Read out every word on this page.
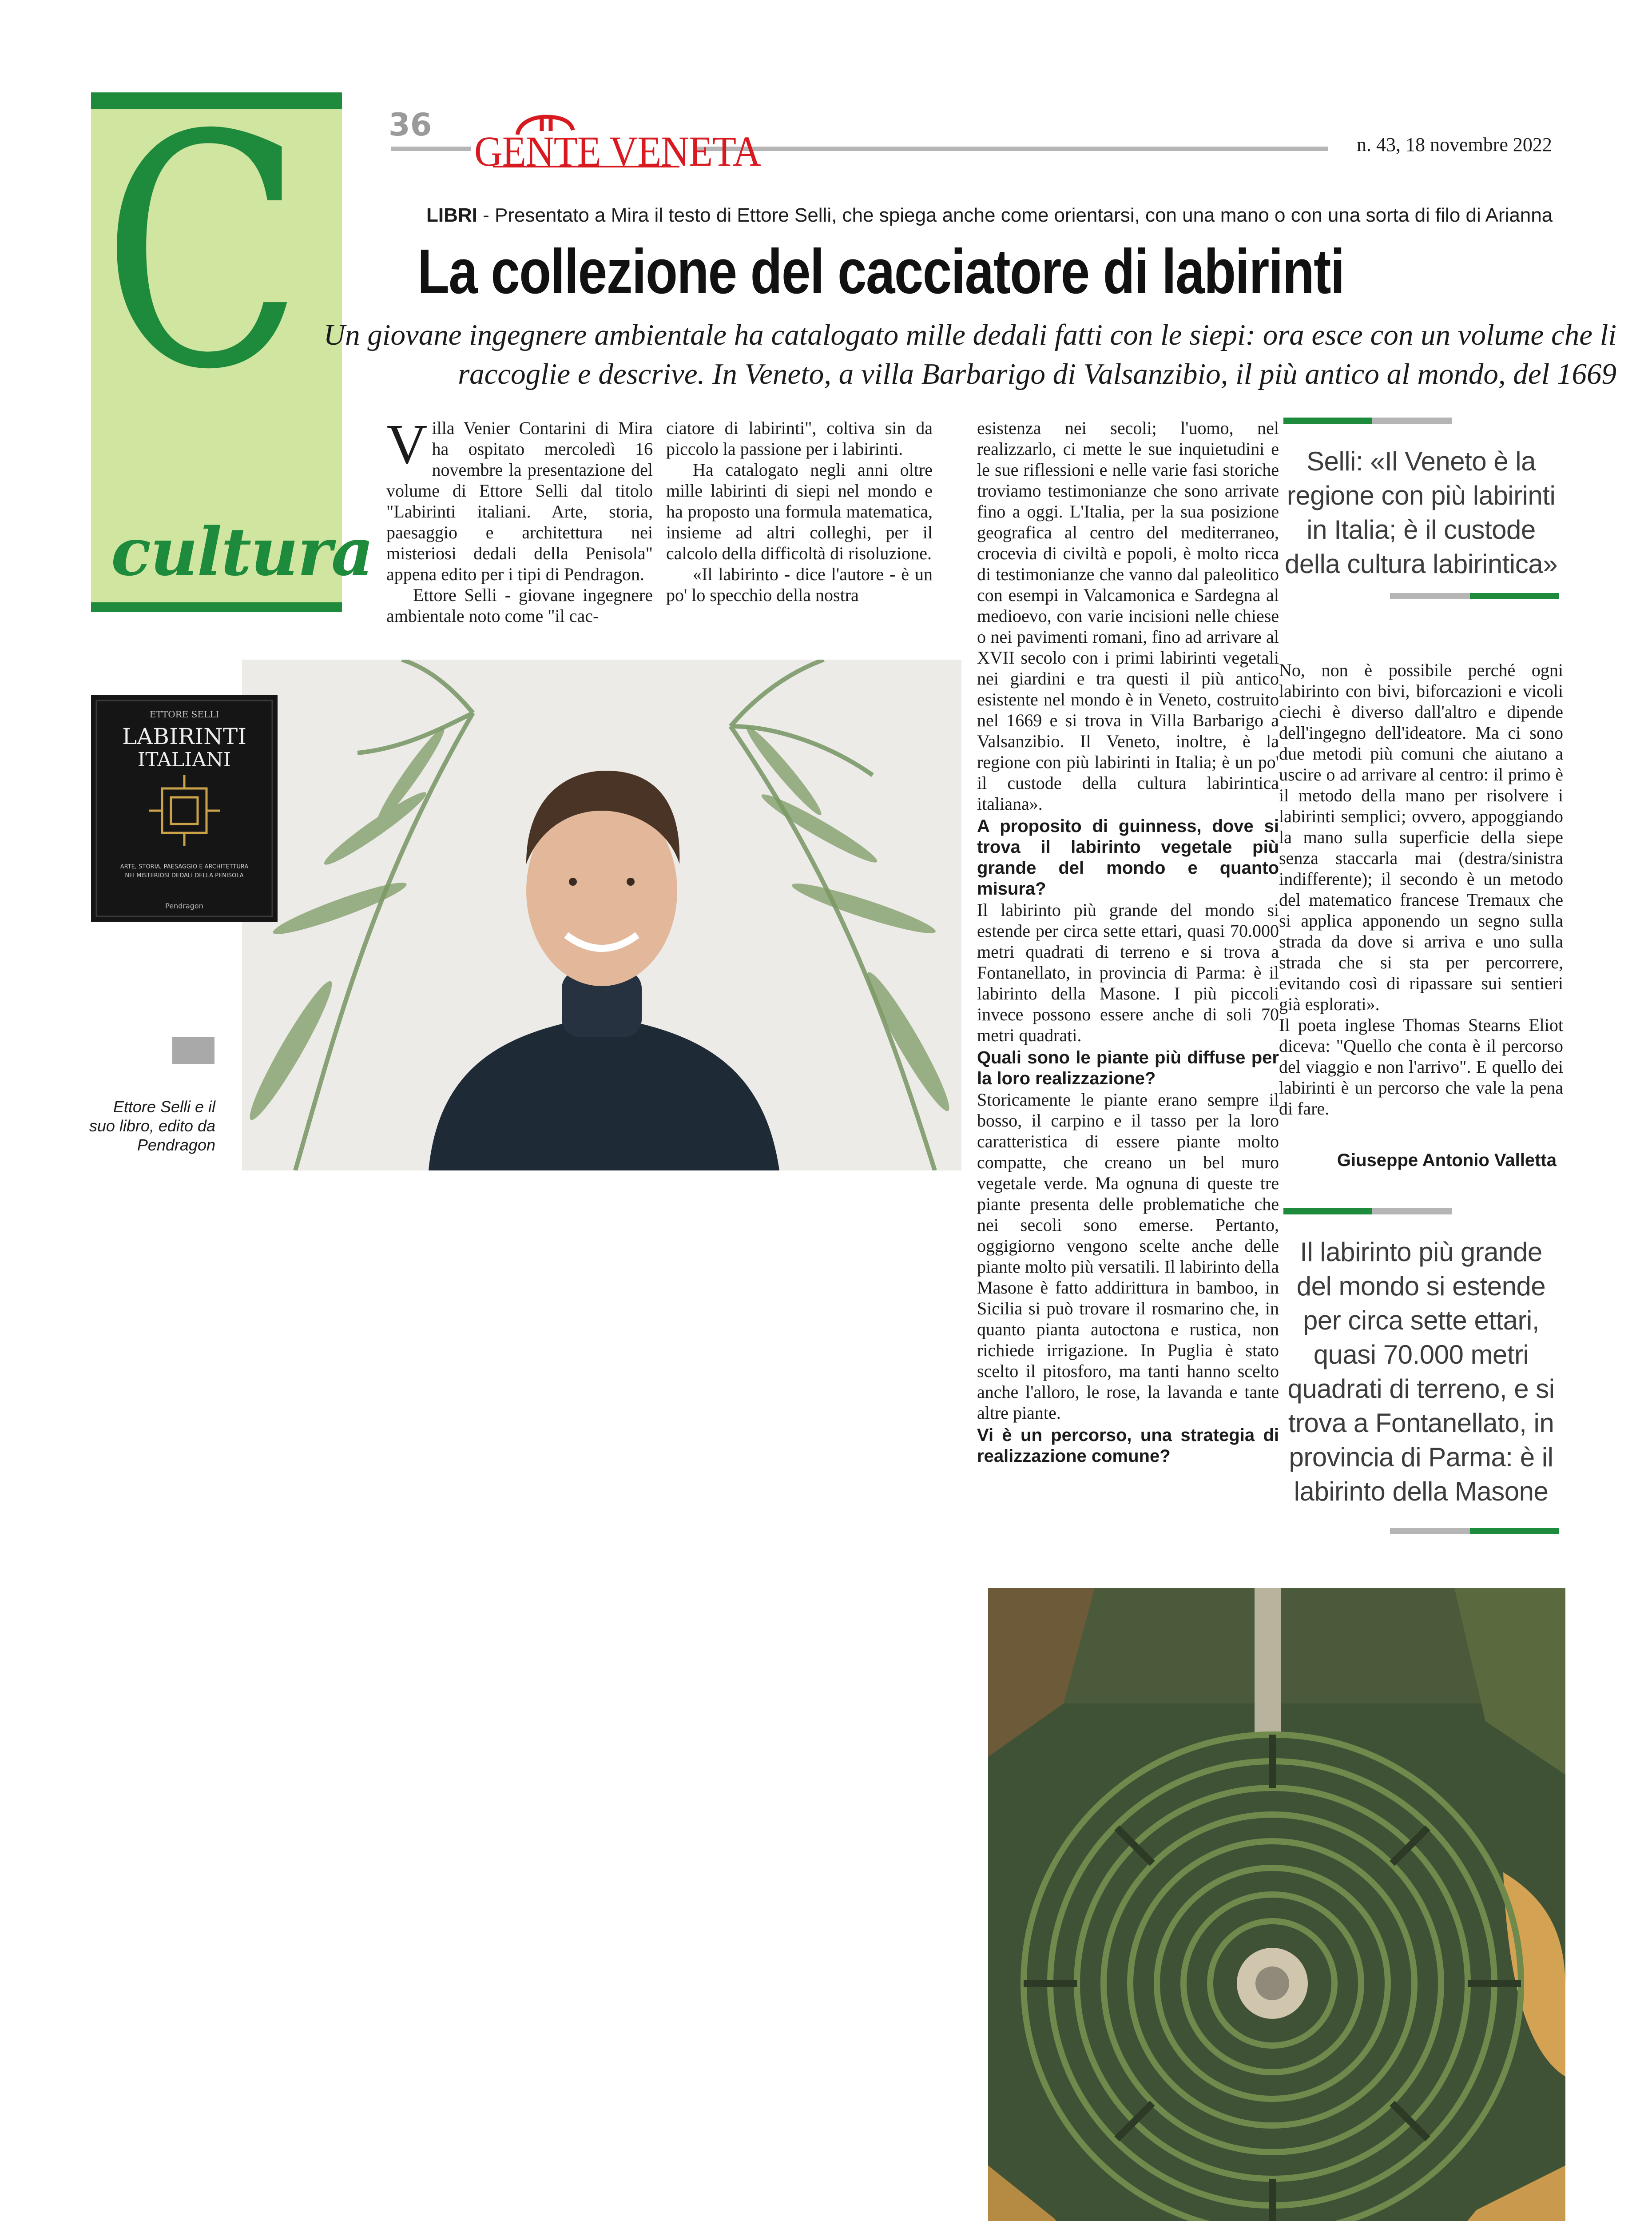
C
cultura
36
GENTE VENETA	n. 43, 18 novembre 2022
LIBRI - Presentato a Mira il testo di Ettore Selli, che spiega anche come orientarsi, con una mano o con una sorta di filo di Arianna
La collezione del cacciatore di labirinti
Un giovane ingegnere ambientale ha catalogato mille dedali fatti con le siepi: ora esce con un volume che li raccoglie e descrive. In Veneto, a villa Barbarigo di Valsanzibio, il più antico al mondo, del 1669

Villa Venier Contarini di Mira ha ospitato mercoledì 16 novembre la presentazione del volume di Ettore Selli dal titolo "Labirinti italiani. Arte, storia, paesaggio e architettura nei misteriosi dedali della Penisola" appena edito per i tipi di Pendragon.

Ettore Selli - giovane ingegnere ambientale noto come "il cac-

ciatore di labirinti", coltiva sin da piccolo la passione per i labirinti.

Ha catalogato negli anni oltre mille labirinti di siepi nel mondo e ha proposto una formula matematica, insieme ad altri colleghi, per il calcolo della difficoltà di risoluzione.

«Il labirinto - dice l'autore - è un po' lo specchio della nostra

esistenza nei secoli; l'uomo, nel realizzarlo, ci mette le sue inquietudini e le sue riflessioni e nelle varie fasi storiche troviamo testimonianze che sono arrivate fino a oggi. L'Italia, per la sua posizione geografica al centro del mediterraneo, crocevia di civiltà e popoli, è molto ricca di testimonianze che vanno dal paleolitico con esempi in Valcamonica e Sardegna al medioevo, con varie incisioni nelle chiese o nei pavimenti romani, fino ad arrivare al XVII secolo con i primi labirinti vegetali nei giardini e tra questi il più antico esistente nel mondo è in Veneto, costruito nel 1669 e si trova in Villa Barbarigo a Valsanzibio. Il Veneto, inoltre, è la regione con più labirinti in Italia; è un po' il custode della cultura labirintica italiana».

A proposito di guinness, dove si trova il labirinto vegetale più grande del mondo e quanto misura?

Il labirinto più grande del mondo si estende per circa sette ettari, quasi 70.000 metri quadrati di terreno e si trova a Fontanellato, in provincia di Parma: è il labirinto della Masone. I più piccoli invece possono essere anche di soli 70 metri quadrati.

Quali sono le piante più diffuse per la loro realizzazione?

Storicamente le piante erano sempre il bosso, il carpino e il tasso per la loro caratteristica di essere piante molto compatte, che creano un bel muro vegetale verde. Ma ognuna di queste tre piante presenta delle problematiche che nei secoli sono emerse. Pertanto, oggigiorno vengono scelte anche delle piante molto più versatili. Il labirinto della Masone è fatto addirittura in bamboo, in Sicilia si può trovare il rosmarino che, in quanto pianta autoctona e rustica, non richiede irrigazione. In Puglia è stato scelto il pitosforo, ma tanti hanno scelto anche l'alloro, le rose, la lavanda e tante altre piante.

Vi è un percorso, una strategia di realizzazione comune?

Selli: «Il Veneto è la regione con più labirinti in Italia; è il custode della cultura labirintica»

No, non è possibile perché ogni labirinto con bivi, biforcazioni e vicoli ciechi è diverso dall'altro e dipende dell'ingegno dell'ideatore. Ma ci sono due metodi più comuni che aiutano a uscire o ad arrivare al centro: il primo è il metodo della mano per risolvere i labirinti semplici; ovvero, appoggiando la mano sulla superficie della siepe senza staccarla mai (destra/sinistra indifferente); il secondo è un metodo del matematico francese Tremaux che si applica apponendo un segno sulla strada da dove si arriva e uno sulla strada che si sta per percorrere, evitando così di ripassare sui sentieri già esplorati».

Il poeta inglese Thomas Stearns Eliot diceva: "Quello che conta è il percorso del viaggio e non l'arrivo". E quello dei labirinti è un percorso che vale la pena di fare.

Giuseppe Antonio Valletta
Il labirinto più grande del mondo si estende per circa sette ettari, quasi 70.000 metri quadrati di terreno, e si trova a Fontanellato, in provincia di Parma: è il labirinto della Masone
ETTORE SELLI
LABIRINTI
ITALIANI
ARTE, STORIA, PAESAGGIO E ARCHITETTURA
NEI MISTERIOSI DEDALI DELLA PENISOLA
Pendragon
Ettore Selli e il suo libro, edito da Pendragon
